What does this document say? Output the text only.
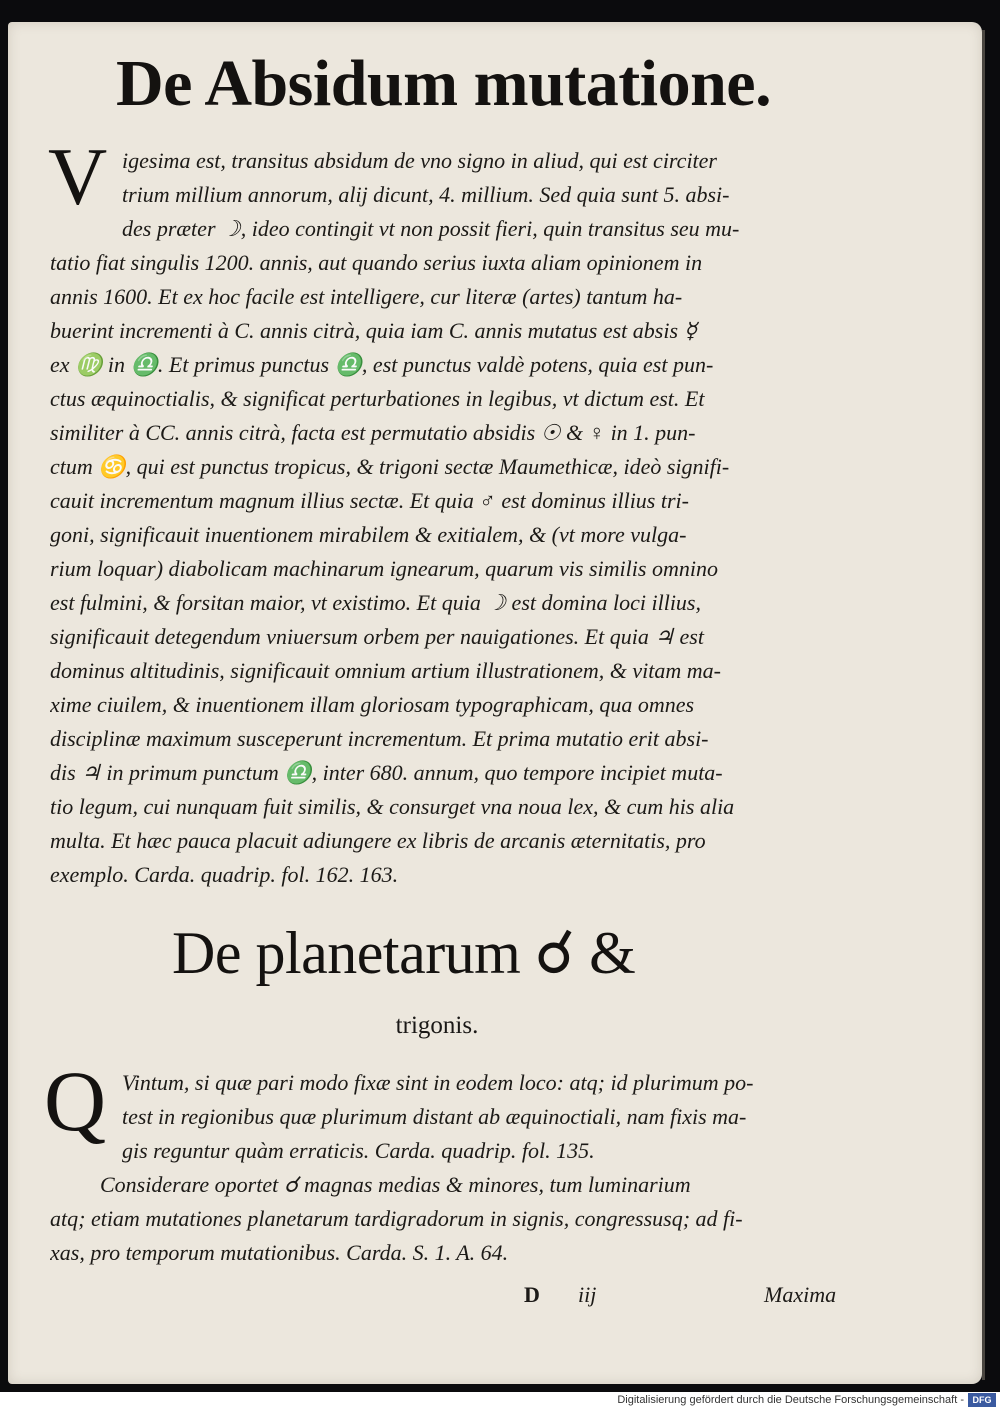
De Absidum mutatione.
V igesima est, transitus absidum de vno signo in aliud, qui est circiter

trium millium annorum, alij dicunt, 4. millium. Sed quia sunt 5. absi-

des præter ☽, ideo contingit vt non possit fieri, quin transitus seu mu-

tatio fiat singulis 1200. annis, aut quando serius iuxta aliam opinionem in

annis 1600. Et ex hoc facile est intelligere, cur literæ (artes) tantum ha-

buerint incrementi à C. annis citrà, quia iam C. annis mutatus est absis ☿

ex ♍ in ♎. Et primus punctus ♎, est punctus valdè potens, quia est pun-

ctus æquinoctialis, & significat perturbationes in legibus, vt dictum est. Et

similiter à CC. annis citrà, facta est permutatio absidis ☉ & ♀ in 1. pun-

ctum ♋, qui est punctus tropicus, & trigoni sectæ Maumethicæ, ideò signifi-

cauit incrementum magnum illius sectæ. Et quia ♂ est dominus illius tri-

goni, significauit inuentionem mirabilem & exitialem, & (vt more vulga-

rium loquar) diabolicam machinarum ignearum, quarum vis similis omnino

est fulmini, & forsitan maior, vt existimo. Et quia ☽ est domina loci illius,

significauit detegendum vniuersum orbem per nauigationes. Et quia ♃ est

dominus altitudinis, significauit omnium artium illustrationem, & vitam ma-

xime ciuilem, & inuentionem illam gloriosam typographicam, qua omnes

disciplinæ maximum susceperunt incrementum. Et prima mutatio erit absi-

dis ♃ in primum punctum ♎, inter 680. annum, quo tempore incipiet muta-

tio legum, cui nunquam fuit similis, & consurget vna noua lex, & cum his alia

multa. Et hæc pauca placuit adiungere ex libris de arcanis æternitatis, pro

exemplo. Carda. quadrip. fol. 162. 163.

De planetarum ☌ &

trigonis.

Q Vintum, si quæ pari modo fixæ sint in eodem loco: atq; id plurimum po-

test in regionibus quæ plurimum distant ab æquinoctiali, nam fixis ma-

gis reguntur quàm erraticis. Carda. quadrip. fol. 135.

Considerare oportet ☌ magnas medias & minores, tum luminarium

atq; etiam mutationes planetarum tardigradorum in signis, congressusq; ad fi-

xas, pro temporum mutationibus. Carda. S. 1. A. 64.

D iij	Maxima
Digitalisierung gefördert durch die Deutsche Forschungsgemeinschaft - DFG
